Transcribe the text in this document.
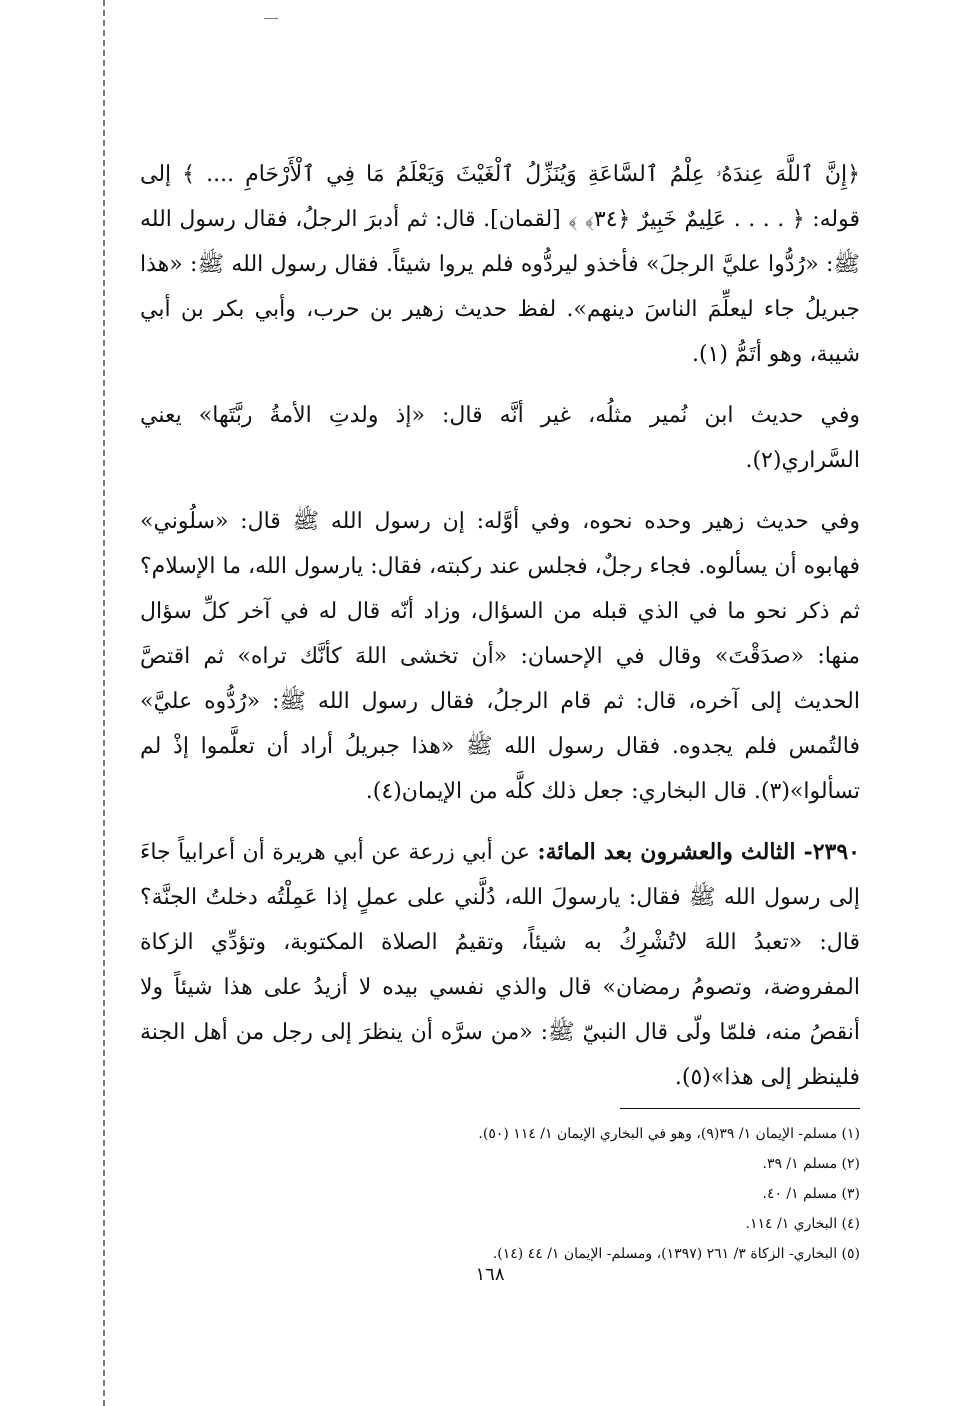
﴿إِنَّ ٱللَّهَ عِندَهُۥ عِلْمُ ٱلسَّاعَةِ وَيُنَزِّلُ ٱلْغَيْثَ وَيَعْلَمُ مَا فِي ٱلْأَرْحَامِ .... ﴾ إلى قوله: ﴿ . . . . عَلِيمٌ خَبِيرٌ ﴿٣٤﴾ ﴾ [لقمان]. قال: ثم أدبرَ الرجلُ، فقال رسول الله ﷺ: «رُدُّوا عليَّ الرجلَ» فأخذو ليردُّوه فلم يروا شيئاً. فقال رسول الله ﷺ: «هذا جبريلُ جاء ليعلِّمَ الناسَ دينهم». لفظ حديث زهير بن حرب، وأبي بكر بن أبي شيبة، وهو أتَمُّ (١).

وفي حديث ابن نُمير مثلُه، غير أنَّه قال: «إذ ولدتِ الأمةُ ربَّتَها» يعني السَّراري(٢).

وفي حديث زهير وحده نحوه، وفي أوَّله: إن رسول الله ﷺ قال: «سلُوني» فهابوه أن يسألوه. فجاء رجلٌ، فجلس عند ركبته، فقال: يارسول الله، ما الإسلام؟ ثم ذكر نحو ما في الذي قبله من السؤال، وزاد أنّه قال له في آخر كلِّ سؤال منها: «صدَقْتَ» وقال في الإحسان: «أن تخشى اللهَ كأنَّك تراه» ثم اقتصَّ الحديث إلى آخره، قال: ثم قام الرجلُ، فقال رسول الله ﷺ: «رُدُّوه عليَّ» فالتُمس فلم يجدوه. فقال رسول الله ﷺ «هذا جبريلُ أراد أن تعلَّموا إذْ لم تسألوا»(٣). قال البخاري: جعل ذلك كلَّه من الإيمان(٤).

٢٣٩٠- الثالث والعشرون بعد المائة: عن أبي زرعة عن أبي هريرة أن أعرابياً جاءَ إلى رسول الله ﷺ فقال: يارسولَ الله، دُلَّني على عملٍ إذا عَمِلْتُه دخلتُ الجنَّة؟ قال: «تعبدُ اللهَ لاتُشْرِكُ به شيئاً، وتقيمُ الصلاة المكتوبة، وتؤدِّي الزكاة المفروضة، وتصومُ رمضان» قال والذي نفسي بيده لا أزيدُ على هذا شيئاً ولا أنقصُ منه، فلمّا ولّى قال النبيّ ﷺ: «من سرَّه أن ينظرَ إلى رجل من أهل الجنة فلينظر إلى هذا»(٥).

(١) مسلم- الإيمان ١/ ٣٩(٩)، وهو في البخاري الإيمان ١/ ١١٤ (٥٠).

(٢) مسلم ١/ ٣٩.

(٣) مسلم ١/ ٤٠.

(٤) البخاري ١/ ١١٤.

(٥) البخاري- الزكاة ٣/ ٢٦١ (١٣٩٧)، ومسلم- الإيمان ١/ ٤٤ (١٤).

١٦٨
